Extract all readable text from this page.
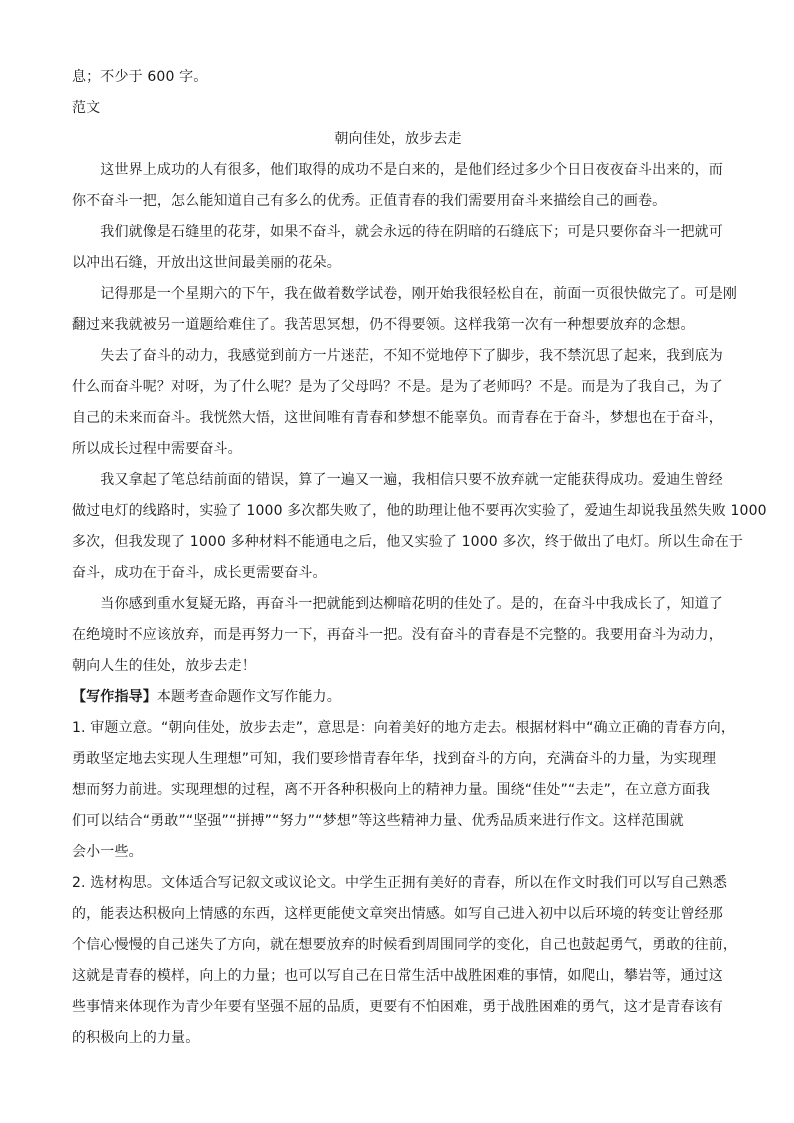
息；不少于 600 字。

范文

朝向佳处，放步去走

　　这世界上成功的人有很多，他们取得的成功不是白来的，是他们经过多少个日日夜夜奋斗出来的，而

你不奋斗一把，怎么能知道自己有多么的优秀。正值青春的我们需要用奋斗来描绘自己的画卷。

　　我们就像是石缝里的花芽，如果不奋斗，就会永远的待在阴暗的石缝底下；可是只要你奋斗一把就可

以冲出石缝，开放出这世间最美丽的花朵。

　　记得那是一个星期六的下午，我在做着数学试卷，刚开始我很轻松自在，前面一页很快做完了。可是刚

翻过来我就被另一道题给难住了。我苦思冥想，仍不得要领。这样我第一次有一种想要放弃的念想。

　　失去了奋斗的动力，我感觉到前方一片迷茫，不知不觉地停下了脚步，我不禁沉思了起来，我到底为

什么而奋斗呢？对呀，为了什么呢？是为了父母吗？不是。是为了老师吗？不是。而是为了我自己，为了

自己的未来而奋斗。我恍然大悟，这世间唯有青春和梦想不能辜负。而青春在于奋斗，梦想也在于奋斗，

所以成长过程中需要奋斗。

　　我又拿起了笔总结前面的错误，算了一遍又一遍，我相信只要不放弃就一定能获得成功。爱迪生曾经

做过电灯的线路时，实验了 1000 多次都失败了，他的助理让他不要再次实验了，爱迪生却说我虽然失败 1000

多次，但我发现了 1000 多种材料不能通电之后，他又实验了 1000 多次，终于做出了电灯。所以生命在于

奋斗，成功在于奋斗，成长更需要奋斗。

　　当你感到重水复疑无路，再奋斗一把就能到达柳暗花明的佳处了。是的，在奋斗中我成长了，知道了

在绝境时不应该放弃，而是再努力一下，再奋斗一把。没有奋斗的青春是不完整的。我要用奋斗为动力，

朝向人生的佳处，放步去走！

【写作指导】本题考查命题作文写作能力。

1. 审题立意。“朝向佳处，放步去走”，意思是：向着美好的地方走去。根据材料中“确立正确的青春方向，

勇敢坚定地去实现人生理想”可知，我们要珍惜青春年华，找到奋斗的方向，充满奋斗的力量，为实现理

想而努力前进。实现理想的过程，离不开各种积极向上的精神力量。围绕“佳处”“去走”，在立意方面我

们可以结合“勇敢”“坚强”“拼搏”“努力”“梦想”等这些精神力量、优秀品质来进行作文。这样范围就

会小一些。

2. 选材构思。文体适合写记叙文或议论文。中学生正拥有美好的青春，所以在作文时我们可以写自己熟悉

的，能表达积极向上情感的东西，这样更能使文章突出情感。如写自己进入初中以后环境的转变让曾经那

个信心慢慢的自己迷失了方向，就在想要放弃的时候看到周围同学的变化，自己也鼓起勇气，勇敢的往前，

这就是青春的模样，向上的力量；也可以写自己在日常生活中战胜困难的事情，如爬山，攀岩等，通过这

些事情来体现作为青少年要有坚强不屈的品质，更要有不怕困难，勇于战胜困难的勇气，这才是青春该有

的积极向上的力量。
